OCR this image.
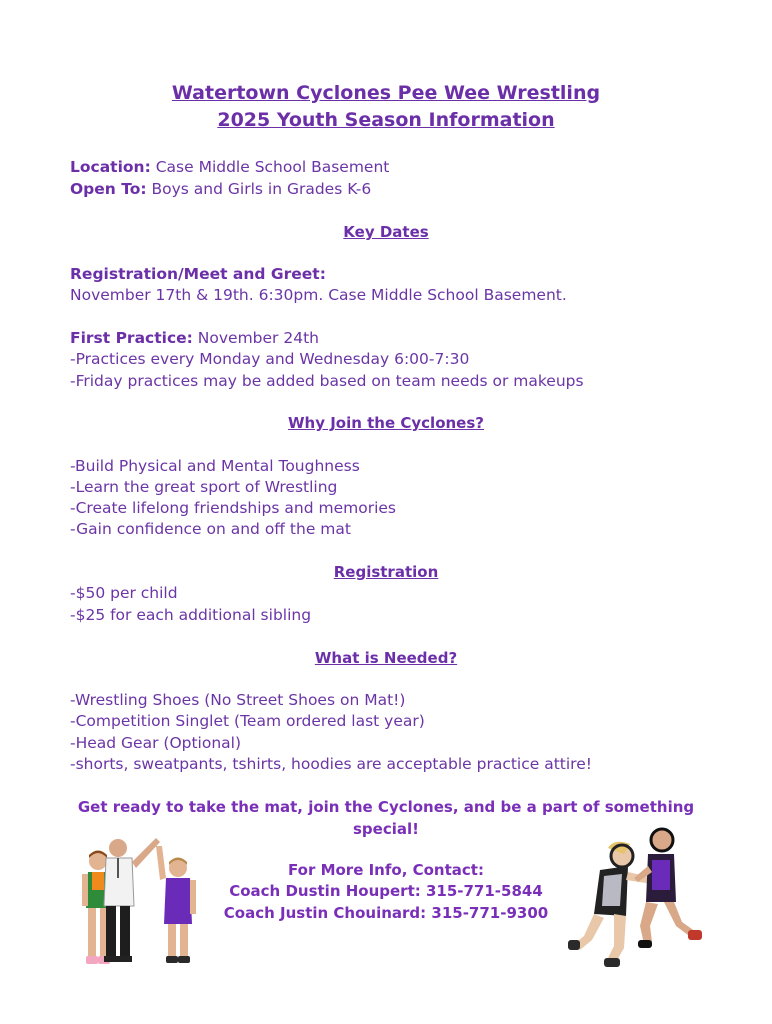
Watertown Cyclones Pee Wee Wrestling
2025 Youth Season Information
Location: Case Middle School Basement
Open To: Boys and Girls in Grades K-6
Key Dates
Registration/Meet and Greet:
November 17th & 19th. 6:30pm. Case Middle School Basement.
First Practice: November 24th
-Practices every Monday and Wednesday 6:00-7:30
-Friday practices may be added based on team needs or makeups
Why Join the Cyclones?
-Build Physical and Mental Toughness
-Learn the great sport of Wrestling
-Create lifelong friendships and memories
-Gain confidence on and off the mat
Registration
-$50 per child
-$25 for each additional sibling
What is Needed?
-Wrestling Shoes (No Street Shoes on Mat!)
-Competition Singlet (Team ordered last year)
-Head Gear (Optional)
-shorts, sweatpants, tshirts, hoodies are acceptable practice attire!
Get ready to take the mat, join the Cyclones, and be a part of something special!
For More Info, Contact:
Coach Dustin Houpert: 315-771-5844
Coach Justin Chouinard: 315-771-9300
